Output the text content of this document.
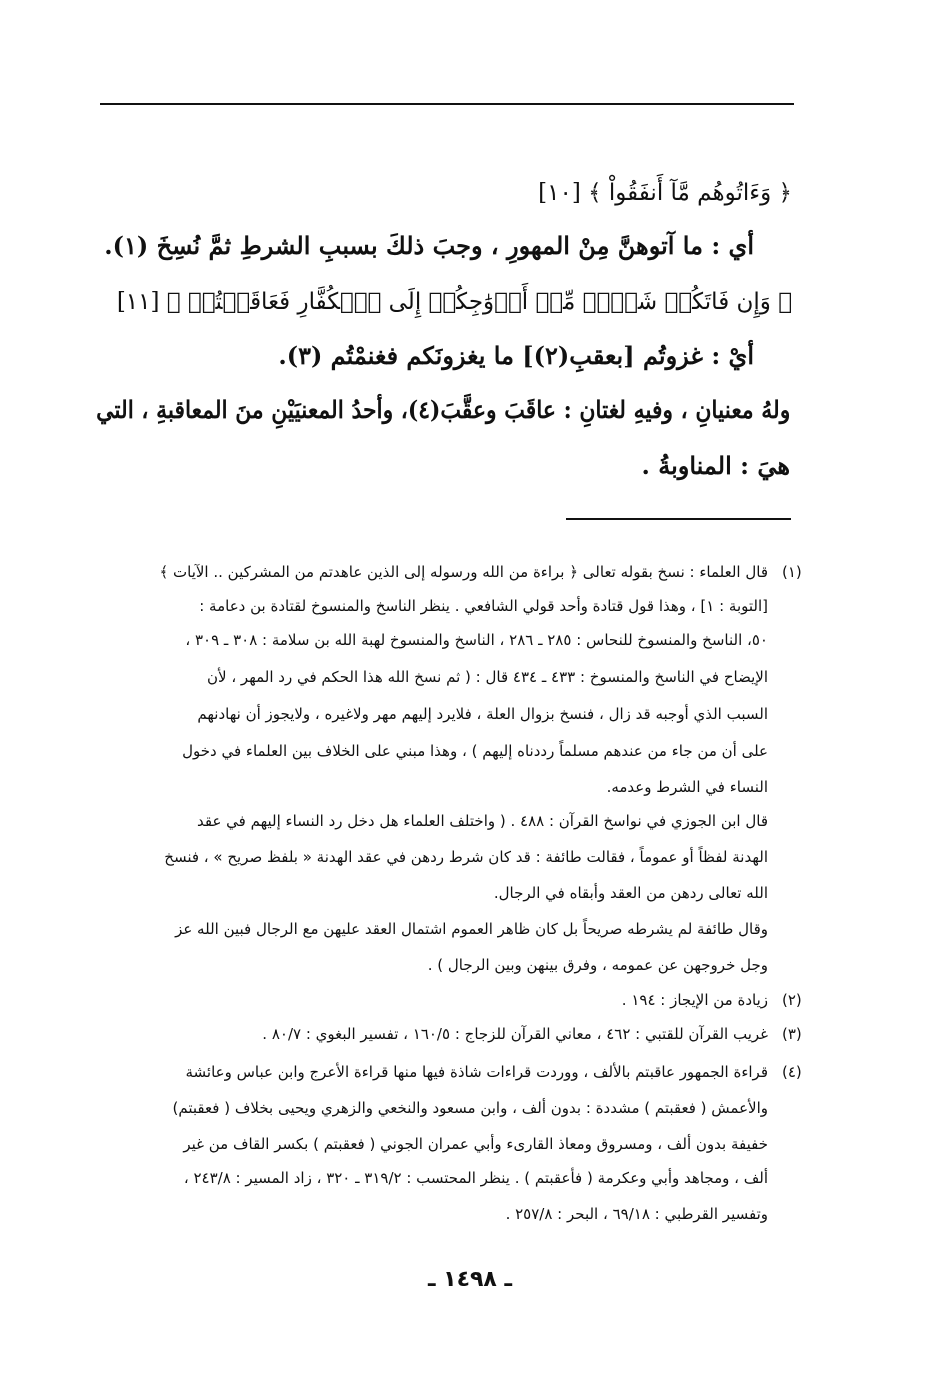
﴿ وَءَاتُوهُم مَّآ أَنفَقُواْ ﴾ [١٠]
أي : ما آتوهنَّ مِنْ المهورِ ، وجبَ ذلكَ بسببِ الشرطِ ثمَّ نُسِخَ (١).
﴿ وَإِن فَاتَكُمۡ شَيۡءٞ مِّنۡ أَزۡوَٰجِكُمۡ إِلَى ٱلۡكُفَّارِ فَعَاقَبۡتُمۡ ﴾ [١١]
أيْ : غزوتُم [بعقبِ(٢)] ما يغزونَكم فغنمْتُم (٣).
ولهُ معنيانِ ، وفيهِ لغتانِ : عاقَبَ وعقَّبَ(٤)، وأحدُ المعنيَيْنِ منَ المعاقبةِ ، التي
هيَ : المناوبةُ .
(١)
قال العلماء : نسخ بقوله تعالى ﴿ براءة من الله ورسوله إلى الذين عاهدتم من المشركين .. الآيات ﴾
[التوبة : ١] ، وهذا قول قتادة وأحد قولي الشافعي . ينظر الناسخ والمنسوخ لقتادة بن دعامة :
٥٠، الناسخ والمنسوخ للنحاس : ٢٨٥ ـ ٢٨٦ ، الناسخ والمنسوخ لهبة الله بن سلامة : ٣٠٨ ـ ٣٠٩ ،
الإيضاح في الناسخ والمنسوخ : ٤٣٣ ـ ٤٣٤ قال : ( ثم نسخ الله هذا الحكم في رد المهر ، لأن
السبب الذي أوجبه قد زال ، فنسخ بزوال العلة ، فلايرد إليهم مهر ولاغيره ، ولايجوز أن نهادنهم
على أن من جاء من عندهم مسلماً رددناه إليهم ) ، وهذا مبني على الخلاف بين العلماء في دخول
النساء في الشرط وعدمه.
قال ابن الجوزي في نواسخ القرآن : ٤٨٨ . ( واختلف العلماء هل دخل رد النساء إليهم في عقد
الهدنة لفظاً أو عموماً ، فقالت طائفة : قد كان شرط ردهن في عقد الهدنة « بلفظ صريح » ، فنسخ
الله تعالى ردهن من العقد وأبقاه في الرجال.
وقال طائفة لم يشرطه صريحاً بل كان ظاهر العموم اشتمال العقد عليهن مع الرجال فبين الله عز
وجل خروجهن عن عمومه ، وفرق بينهن وبين الرجال ) .
(٢)
زيادة من الإيجاز : ١٩٤ .
(٣)
غريب القرآن للقتبي : ٤٦٢ ، معاني القرآن للزجاج : ١٦٠/٥ ، تفسير البغوي : ٨٠/٧ .
(٤)
قراءة الجمهور عاقبتم بالألف ، ووردت قراءات شاذة فيها منها قراءة الأعرج وابن عباس وعائشة
والأعمش ( فعقبتم ) مشددة : بدون ألف ، وابن مسعود والنخعي والزهري ويحيى بخلاف ( فعقبتم)
خفيفة بدون ألف ، ومسروق ومعاذ القارىء وأبي عمران الجوني ( فعقبتم ) بكسر القاف من غير
ألف ، ومجاهد وأبي وعكرمة ( فأعقبتم ) . ينظر المحتسب : ٣١٩/٢ ـ ٣٢٠ ، زاد المسير : ٢٤٣/٨ ،
وتفسير القرطبي : ٦٩/١٨ ، البحر : ٢٥٧/٨ .
ـ ١٤٩٨ ـ
